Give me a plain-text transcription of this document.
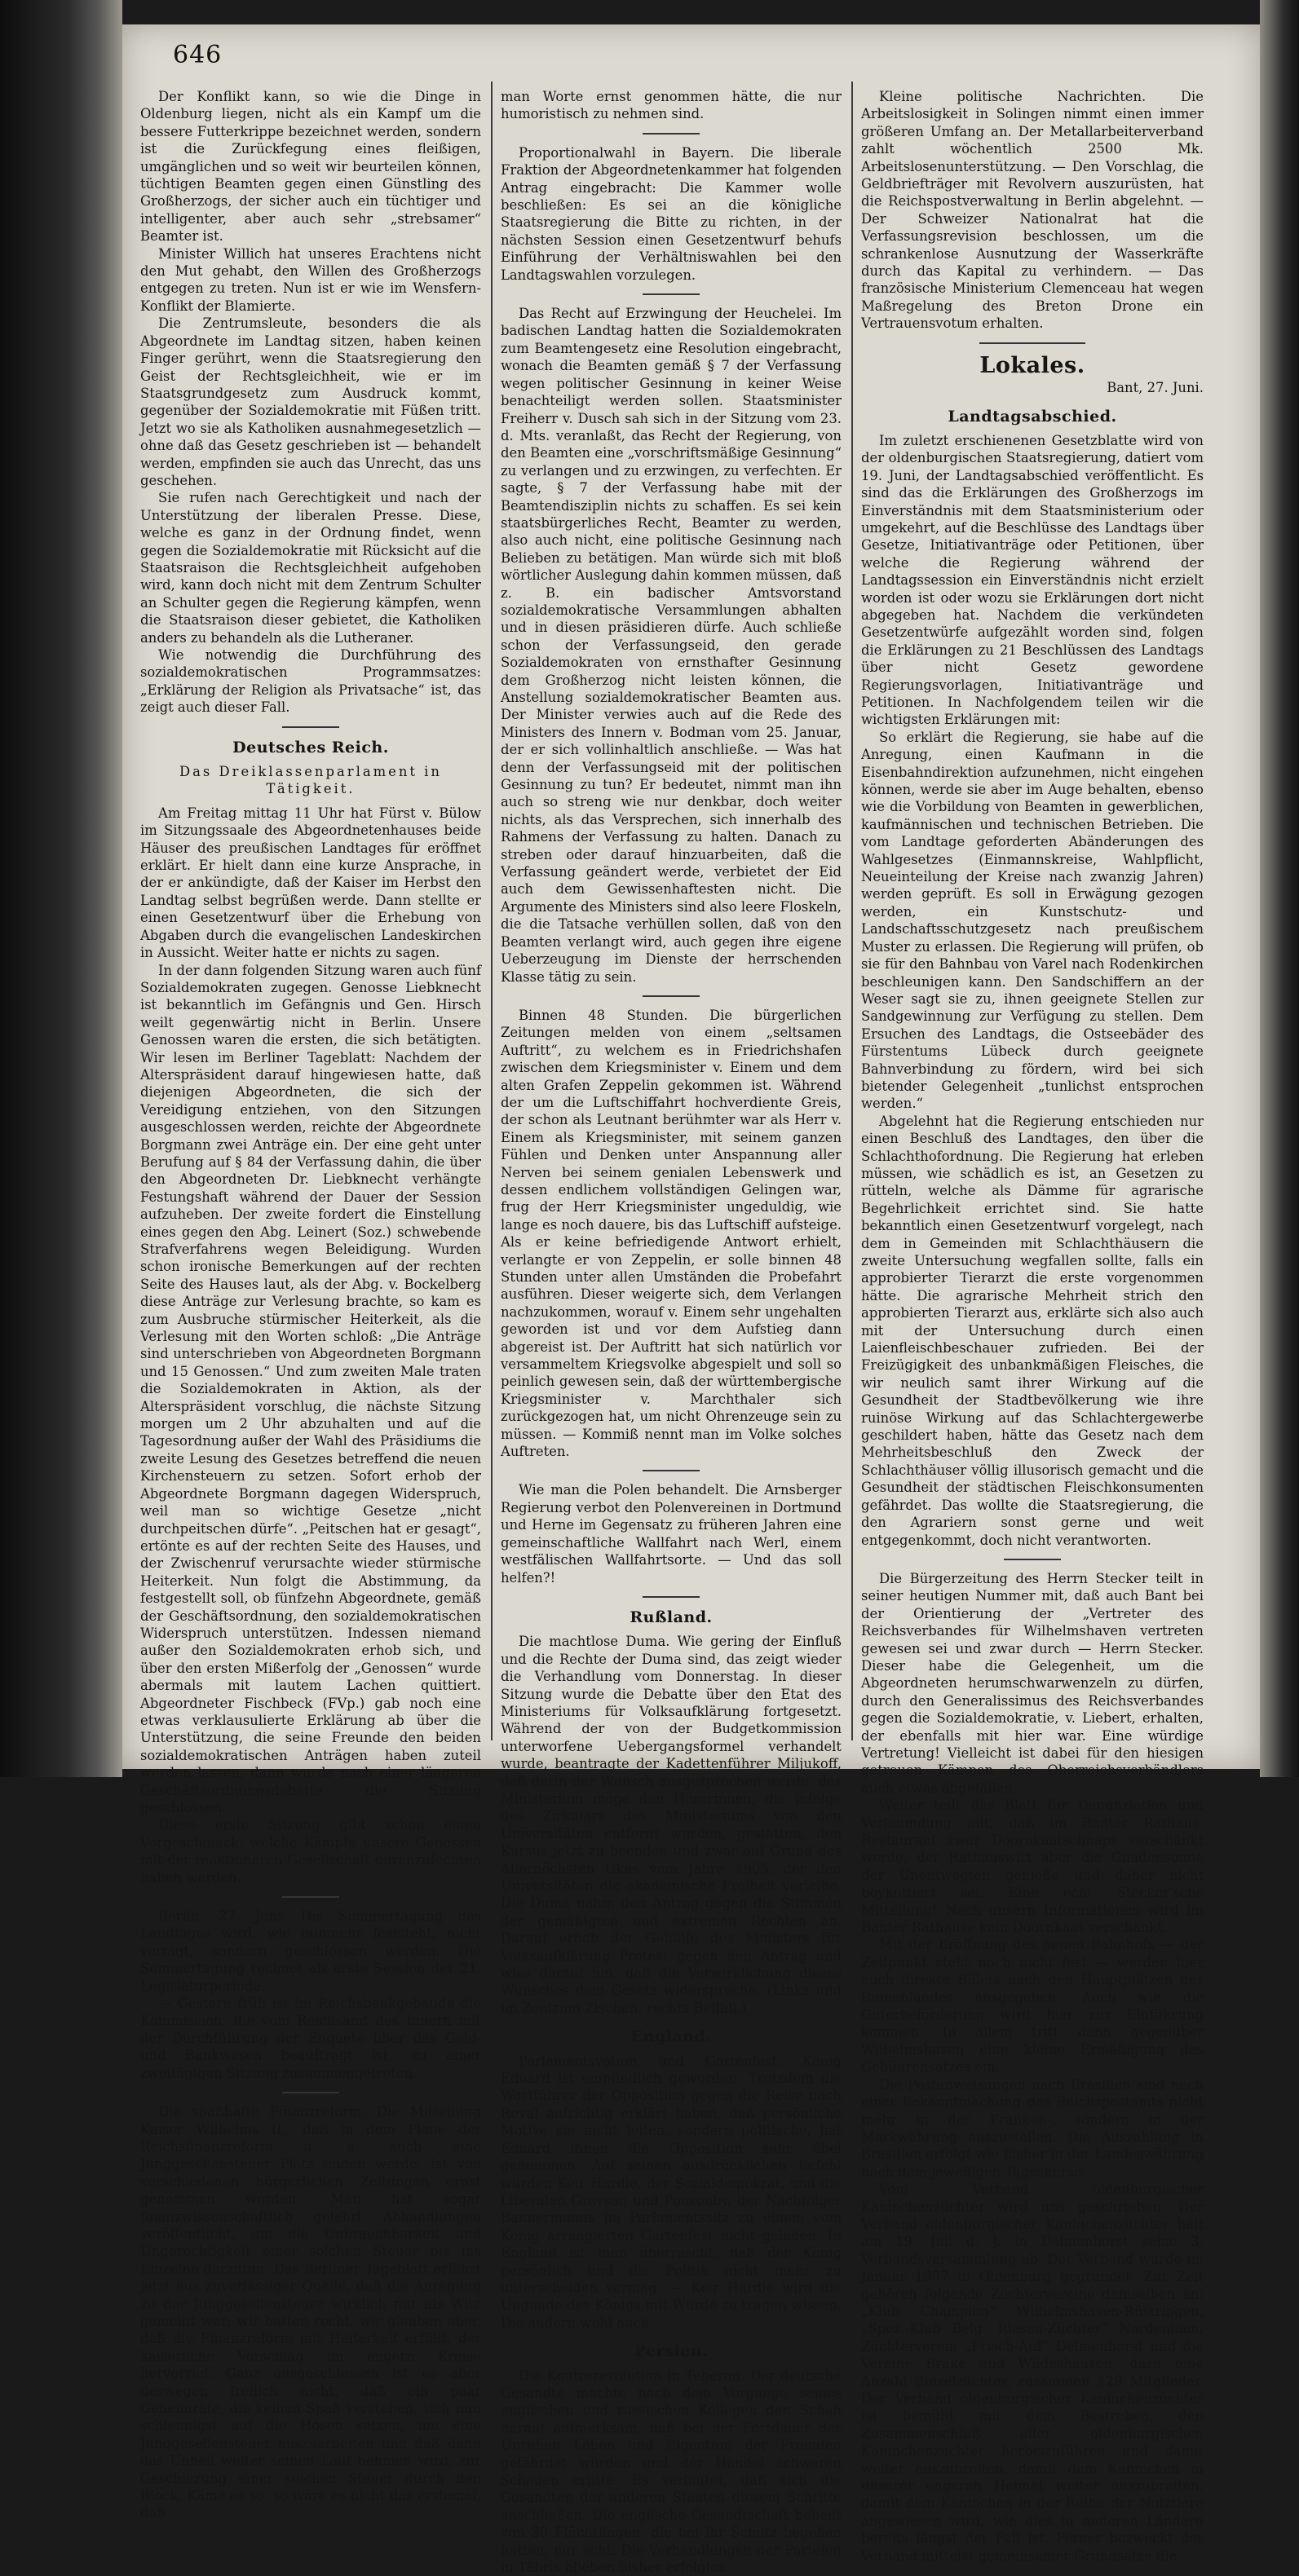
646

Der Konflikt kann, so wie die Dinge in Oldenburg liegen, nicht als ein Kampf um die bessere Futterkrippe bezeichnet werden, sondern ist die Zurückfegung eines fleißigen, umgänglichen und so weit wir beurteilen können, tüchtigen Beamten gegen einen Günstling des Großherzogs, der sicher auch ein tüchtiger und intelligenter, aber auch sehr „strebsamer“ Beamter ist.

Minister Willich hat unseres Erachtens nicht den Mut gehabt, den Willen des Großherzogs entgegen zu treten. Nun ist er wie im Wensfern-Konflikt der Blamierte.

Die Zentrumsleute, besonders die als Abgeordnete im Landtag sitzen, haben keinen Finger gerührt, wenn die Staatsregierung den Geist der Rechtsgleichheit, wie er im Staatsgrundgesetz zum Ausdruck kommt, gegenüber der Sozialdemokratie mit Füßen tritt. Jetzt wo sie als Katholiken ausnahmegesetzlich — ohne daß das Gesetz geschrieben ist — behandelt werden, empfinden sie auch das Unrecht, das uns geschehen.

Sie rufen nach Gerechtigkeit und nach der Unterstützung der liberalen Presse. Diese, welche es ganz in der Ordnung findet, wenn gegen die Sozialdemokratie mit Rücksicht auf die Staatsraison die Rechtsgleichheit aufgehoben wird, kann doch nicht mit dem Zentrum Schulter an Schulter gegen die Regierung kämpfen, wenn die Staatsraison dieser gebietet, die Katholiken anders zu behandeln als die Lutheraner.

Wie notwendig die Durchführung des sozialdemokratischen Programmsatzes: „Erklärung der Religion als Privatsache“ ist, das zeigt auch dieser Fall.

Deutsches Reich.
Das Dreiklassenparlament in Tätigkeit.

Am Freitag mittag 11 Uhr hat Fürst v. Bülow im Sitzungssaale des Abgeordnetenhauses beide Häuser des preußischen Landtages für eröffnet erklärt. Er hielt dann eine kurze Ansprache, in der er ankündigte, daß der Kaiser im Herbst den Landtag selbst begrüßen werde. Dann stellte er einen Gesetzentwurf über die Erhebung von Abgaben durch die evangelischen Landeskirchen in Aussicht. Weiter hatte er nichts zu sagen.

In der dann folgenden Sitzung waren auch fünf Sozialdemokraten zugegen. Genosse Liebknecht ist bekanntlich im Gefängnis und Gen. Hirsch weilt gegenwärtig nicht in Berlin. Unsere Genossen waren die ersten, die sich betätigten. Wir lesen im Berliner Tageblatt: Nachdem der Alterspräsident darauf hingewiesen hatte, daß diejenigen Abgeordneten, die sich der Vereidigung entziehen, von den Sitzungen ausgeschlossen werden, reichte der Abgeordnete Borgmann zwei Anträge ein. Der eine geht unter Berufung auf § 84 der Verfassung dahin, die über den Abgeordneten Dr. Liebknecht verhängte Festungshaft während der Dauer der Session aufzuheben. Der zweite fordert die Einstellung eines gegen den Abg. Leinert (Soz.) schwebende Strafverfahrens wegen Beleidigung. Wurden schon ironische Bemerkungen auf der rechten Seite des Hauses laut, als der Abg. v. Bockelberg diese Anträge zur Verlesung brachte, so kam es zum Ausbruche stürmischer Heiterkeit, als die Verlesung mit den Worten schloß: „Die Anträge sind unterschrieben von Abgeordneten Borgmann und 15 Genossen.“ Und zum zweiten Male traten die Sozialdemokraten in Aktion, als der Alterspräsident vorschlug, die nächste Sitzung morgen um 2 Uhr abzuhalten und auf die Tagesordnung außer der Wahl des Präsidiums die zweite Lesung des Gesetzes betreffend die neuen Kirchensteuern zu setzen. Sofort erhob der Abgeordnete Borgmann dagegen Widerspruch, weil man so wichtige Gesetze „nicht durchpeitschen dürfe“. „Peitschen hat er gesagt“, ertönte es auf der rechten Seite des Hauses, und der Zwischenruf verursachte wieder stürmische Heiterkeit. Nun folgt die Abstimmung, da festgestellt soll, ob fünfzehn Abgeordnete, gemäß der Geschäftsordnung, den sozialdemokratischen Widerspruch unterstützen. Indessen niemand außer den Sozialdemokraten erhob sich, und über den ersten Mißerfolg der „Genossen“ wurde abermals mit lautem Lachen quittiert. Abgeordneter Fischbeck (FVp.) gab noch eine etwas verklausulierte Erklärung ab über die Unterstützung, die seine Freunde den beiden sozialdemokratischen Anträgen haben zuteil werden lassen, dann wurde nach einer längeren Geschäftsordnungsdebatte die Sitzung geschlossen.

Diese erste Sitzung gibt schon einen Vorgeschmack, welche Kämpfe unsere Genossen mit der reaktionären Gesellschaft durchzufechten haben werden.

Berlin, 27. Juni. Die Sommertagung des Landtages wird, wie nunmehr feststeht, nicht vertagt, sondern geschlossen werden. Die Sommertagung rechnet als erste Session der 21. Legislaturperiode.

— Gestern früh ist im Reichsbankgebäude die Kommission, die vom Reichsamt des Innern mit der Durchführung der Enquete über das Geld- und Bankwesen beauftragt ist, zu einer zweitägigen Sitzung zusammengetreten.

Die spaßhafte Finanzreform. Die Mitteilung Kaiser Wilhelms II., daß in dem Plane der Reichsfinanzreform u. a. auch eine Junggesellensteuer Platz finden werde, ist von verschiedenen bürgerlichen Zeitungen ernst genommen worden. Man hat sogar finanzwissenschaftlich gelehrt Abhandlungen veröffentlicht, um die Unbrauchbarkeit und Ungerechtigkeit einer solchen Steuer bis ins Einzelne darzutun. Das Berliner Tageblatt erfährt jetzt aus zuverlässiger Quelle, daß die Anregung zu der Junggesellensteuer wirklich nur als Witz gemeint war; wir hatten recht, wir glauben aber, daß die Finanzreform mit Heiterkeit erfüllt, der kaiserliche Vorschlag im engern Kreise hervorrief. Ganz ausgeschlossen ist es aber deswegen freilich nicht, daß ein paar Geheimräte, die keinen Spaß verstehen, sich nun schleunigst auf die Hosen setzen, um eine Junggesellensteuer auszuarbeiten und daß dann das Unheil weiter seinen Lauf nehmen wird, zur Geschiezung einer solchen Steuer durch den Block. Käme es so, so wäre es nicht das erstemal, daß

man Worte ernst genommen hätte, die nur humoristisch zu nehmen sind.

Proportionalwahl in Bayern. Die liberale Fraktion der Abgeordnetenkammer hat folgenden Antrag eingebracht: Die Kammer wolle beschließen: Es sei an die königliche Staatsregierung die Bitte zu richten, in der nächsten Session einen Gesetzentwurf behufs Einführung der Verhältniswahlen bei den Landtagswahlen vorzulegen.

Das Recht auf Erzwingung der Heuchelei. Im badischen Landtag hatten die Sozialdemokraten zum Beamtengesetz eine Resolution eingebracht, wonach die Beamten gemäß § 7 der Verfassung wegen politischer Gesinnung in keiner Weise benachteiligt werden sollen. Staatsminister Freiherr v. Dusch sah sich in der Sitzung vom 23. d. Mts. veranlaßt, das Recht der Regierung, von den Beamten eine „vorschriftsmäßige Gesinnung“ zu verlangen und zu erzwingen, zu verfechten. Er sagte, § 7 der Verfassung habe mit der Beamtendisziplin nichts zu schaffen. Es sei kein staatsbürgerliches Recht, Beamter zu werden, also auch nicht, eine politische Gesinnung nach Belieben zu betätigen. Man würde sich mit bloß wörtlicher Auslegung dahin kommen müssen, daß z. B. ein badischer Amtsvorstand sozialdemokratische Versammlungen abhalten und in diesen präsidieren dürfe. Auch schließe schon der Verfassungseid, den gerade Sozialdemokraten von ernsthafter Gesinnung dem Großherzog nicht leisten können, die Anstellung sozialdemokratischer Beamten aus. Der Minister verwies auch auf die Rede des Ministers des Innern v. Bodman vom 25. Januar, der er sich vollinhaltlich anschließe. — Was hat denn der Verfassungseid mit der politischen Gesinnung zu tun? Er bedeutet, nimmt man ihn auch so streng wie nur denkbar, doch weiter nichts, als das Versprechen, sich innerhalb des Rahmens der Verfassung zu halten. Danach zu streben oder darauf hinzuarbeiten, daß die Verfassung geändert werde, verbietet der Eid auch dem Gewissenhaftesten nicht. Die Argumente des Ministers sind also leere Floskeln, die die Tatsache verhüllen sollen, daß von den Beamten verlangt wird, auch gegen ihre eigene Ueberzeugung im Dienste der herrschenden Klasse tätig zu sein.

Binnen 48 Stunden. Die bürgerlichen Zeitungen melden von einem „seltsamen Auftritt“, zu welchem es in Friedrichshafen zwischen dem Kriegsminister v. Einem und dem alten Grafen Zeppelin gekommen ist. Während der um die Luftschiffahrt hochverdiente Greis, der schon als Leutnant berühmter war als Herr v. Einem als Kriegsminister, mit seinem ganzen Fühlen und Denken unter Anspannung aller Nerven bei seinem genialen Lebenswerk und dessen endlichem vollständigen Gelingen war, frug der Herr Kriegsminister ungeduldig, wie lange es noch dauere, bis das Luftschiff aufsteige. Als er keine befriedigende Antwort erhielt, verlangte er von Zeppelin, er solle binnen 48 Stunden unter allen Umständen die Probefahrt ausführen. Dieser weigerte sich, dem Verlangen nachzukommen, worauf v. Einem sehr ungehalten geworden ist und vor dem Aufstieg dann abgereist ist. Der Auftritt hat sich natürlich vor versammeltem Kriegsvolke abgespielt und soll so peinlich gewesen sein, daß der württembergische Kriegsminister v. Marchthaler sich zurückgezogen hat, um nicht Ohrenzeuge sein zu müssen. — Kommiß nennt man im Volke solches Auftreten.

Wie man die Polen behandelt. Die Arnsberger Regierung verbot den Polenvereinen in Dortmund und Herne im Gegensatz zu früheren Jahren eine gemeinschaftliche Wallfahrt nach Werl, einem westfälischen Wallfahrtsorte. — Und das soll helfen?!

Rußland.

Die machtlose Duma. Wie gering der Einfluß und die Rechte der Duma sind, das zeigt wieder die Verhandlung vom Donnerstag. In dieser Sitzung wurde die Debatte über den Etat des Ministeriums für Volksaufklärung fortgesetzt. Während der von der Budgetkommission unterworfene Uebergangsformel verhandelt wurde, beantragte der Kadettenführer Miljukoff, daß darin der Wunsch ausgesprochen werde, das Ministerium möge den Hörerinnen, die infolge des Zirkulars des Ministeriums von den Universitäten entfernt wurden, gestatten, den Kursus jetzt zu beenden und zwar auf Grund des Allerhöchsten Ukas vom Jahre 1905, der den Universitäten die akademische Freiheit verleihe. Die Duma nahm den Antrag gegen die Stimmen der gemäßigten und extremen Rechten an. Darauf erhob der Gehülfe des Ministers für Volksaufklärung Protest gegen den Antrag und wies darauf hin, daß die Verwirklichung dieses Wunsches dem Gesetz widerspreche. (Links und im Zentrum Zischen, rechts Beifall.)

England.

Parlamentsvotum und Gartenfest. König Eduard ist empfindlich geworden. Trotzdem die Wortführer der Opposition gegen die Reise nach Reval aufrichtig erklärt haben, daß persönliche Motive sie nicht leiten, sondern politische, hat Eduard ihnen die Opposition sehr übel genommen. Auf seinen ausdrücklichen Befehl wurden Keir Hardie, der Sozialdemokrat, und die Liberalen Grayson und Ponsonby, der Nachfolger Bannermanns im Parlamentssitz zu einem vom König arrangierten Gartenfest nicht geladen. In England ist man überrascht, daß der König persönlich und die Politik nicht mehr zu unterscheiden vermag. — Keir Hardie wird die Ungnade des Königs mit Würde zu tragen wissen. Die andern wohl auch.

Persien.

Die Kontrerevolution in Teheran. Der deutsche Gesandte machte nach dem Vorgange seines englischen und russischen Kollegen den Schah darauf aufmerksam, daß bei der Fortdauer der Unruhen Leben und Eigentum der Fremden gefährdet würden und der Handel schweren Schaden erlitte. Es verlautet, daß sich die Gesandten der anderen Staaten diesem Schritte anschließen. Die englische Gesandtschaft beheilt von 30 Flüchtlingen, die bei ihr Schutz begehen hatten, nur acht. Die Verhandlungen der Parteien in Täbris blieben bisher erfolglos.

Kleine politische Nachrichten. Die Arbeitslosigkeit in Solingen nimmt einen immer größeren Umfang an. Der Metallarbeiterverband zahlt wöchentlich 2500 Mk. Arbeitslosenunterstützung. — Den Vorschlag, die Geldbriefträger mit Revolvern auszurüsten, hat die Reichspostverwaltung in Berlin abgelehnt. — Der Schweizer Nationalrat hat die Verfassungsrevision beschlossen, um die schrankenlose Ausnutzung der Wasserkräfte durch das Kapital zu verhindern. — Das französische Ministerium Clemenceau hat wegen Maßregelung des Breton Drone ein Vertrauensvotum erhalten.

Lokales.
Bant, 27. Juni.
Landtagsabschied.

Im zuletzt erschienenen Gesetzblatte wird von der oldenburgischen Staatsregierung, datiert vom 19. Juni, der Landtagsabschied veröffentlicht. Es sind das die Erklärungen des Großherzogs im Einverständnis mit dem Staatsministerium oder umgekehrt, auf die Beschlüsse des Landtags über Gesetze, Initiativanträge oder Petitionen, über welche die Regierung während der Landtagssession ein Einverständnis nicht erzielt worden ist oder wozu sie Erklärungen dort nicht abgegeben hat. Nachdem die verkündeten Gesetzentwürfe aufgezählt worden sind, folgen die Erklärungen zu 21 Beschlüssen des Landtags über nicht Gesetz gewordene Regierungsvorlagen, Initiativanträge und Petitionen. In Nachfolgendem teilen wir die wichtigsten Erklärungen mit:

So erklärt die Regierung, sie habe auf die Anregung, einen Kaufmann in die Eisenbahndirektion aufzunehmen, nicht eingehen können, werde sie aber im Auge behalten, ebenso wie die Vorbildung von Beamten in gewerblichen, kaufmännischen und technischen Betrieben. Die vom Landtage geforderten Abänderungen des Wahlgesetzes (Einmannskreise, Wahlpflicht, Neueinteilung der Kreise nach zwanzig Jahren) werden geprüft. Es soll in Erwägung gezogen werden, ein Kunstschutz- und Landschaftsschutzgesetz nach preußischem Muster zu erlassen. Die Regierung will prüfen, ob sie für den Bahnbau von Varel nach Rodenkirchen beschleunigen kann. Den Sandschiffern an der Weser sagt sie zu, ihnen geeignete Stellen zur Sandgewinnung zur Verfügung zu stellen. Dem Ersuchen des Landtags, die Ostseebäder des Fürstentums Lübeck durch geeignete Bahnverbindung zu fördern, wird bei sich bietender Gelegenheit „tunlichst entsprochen werden.“

Abgelehnt hat die Regierung entschieden nur einen Beschluß des Landtages, den über die Schlachthofordnung. Die Regierung hat erleben müssen, wie schädlich es ist, an Gesetzen zu rütteln, welche als Dämme für agrarische Begehrlichkeit errichtet sind. Sie hatte bekanntlich einen Gesetzentwurf vorgelegt, nach dem in Gemeinden mit Schlachthäusern die zweite Untersuchung wegfallen sollte, falls ein approbierter Tierarzt die erste vorgenommen hätte. Die agrarische Mehrheit strich den approbierten Tierarzt aus, erklärte sich also auch mit der Untersuchung durch einen Laienfleischbeschauer zufrieden. Bei der Freizügigkeit des unbankmäßigen Fleisches, die wir neulich samt ihrer Wirkung auf die Gesundheit der Stadtbevölkerung wie ihre ruinöse Wirkung auf das Schlachtergewerbe geschildert haben, hätte das Gesetz nach dem Mehrheitsbeschluß den Zweck der Schlachthäuser völlig illusorisch gemacht und die Gesundheit der städtischen Fleischkonsumenten gefährdet. Das wollte die Staatsregierung, die den Agrariern sonst gerne und weit entgegenkommt, doch nicht verantworten.

Die Bürgerzeitung des Herrn Stecker teilt in seiner heutigen Nummer mit, daß auch Bant bei der Orientierung der „Vertreter des Reichsverbandes für Wilhelmshaven vertreten gewesen sei und zwar durch — Herrn Stecker. Dieser habe die Gelegenheit, um die Abgeordneten herumschwarwenzeln zu dürfen, durch den Generalissimus des Reichsverbandes gegen die Sozialdemokratie, v. Liebert, erhalten, der ebenfalls mit hier war. Eine würdige Vertretung! Vielleicht ist dabei für den hiesigen getreuen Kämpen des Oberreichsverbändlers auch etwas abgefallen.

Weiter teilt das Blatt für Denunziation und Verleumdung mit, daß im Banter Rathaus-Restaurant zwar Doornkaatschnaps verschänkt werde, der Rathauswirt aber die Gnadensonne der Unentwegten genieße und daher nicht boykottiert sei. Eine echt Stecker'sche Mitteilung! Nach unsern Informationen wird im Banter Rathause kein Doornkaat verschänkt.

Mit der Eröffnung des neuen Bahnhofs — der Zeitpunkt steht noch nicht fest — werden hier auch direkte Billets nach den Hauptplätzen des Binnenlandes ausgegeben. Auch wie die Güterbeförderung wird hier zur Einführung kommen. In allem tritt dann gegenüber Wilhelmshaven eine kleine Ermäßigung des Gebührensatzes ein.

Die Postanweisungen nach Brasilien sind nach einer Bekanntmachung des Reichspostamts nicht mehr in der Franken-, sondern in der Markwährung auszustellen. Die Auszahlung in Brasilien erfolgt wie bisher in der Landeswährung nach dem jeweiligen Tageskurse.

Vom Verband oldenburgischer Kaninchenzüchter wird uns geschrieben: Der Verband oldenburgischer Kaninchenzüchter hält am 19. Juli d. J. in Delmenhorst seine 3. Verbandsversammlung ab. Der Verband wurde im Januar 1907 in Oldenburg gegründet. Zur Zeit gehören folgende Züchtervereine demselben an: „Klub Champion“ Wilhelmshaven-Rüstringen, „Spez.-Klub Belg. Riesen-Züchter“ Nordenham, Züchterverein „Frisch-Auf“ Delmenhorst und die Vereine Brake und Wildeshausen, dazu eine Anzahl Einzelzüchter, zusammen 128 Mitglieder. Der Verband oldenburgischer Kaninchenzüchter ist bemüht mit dem Bestreben, den Zusammenschluß aller oldenburgischen Kaninchenzüchter herbeizuführen und damit weiter auszubreiten, damit dem Kaninchen in unserer engeren Heimat weiter auszubreiten, damit dem Kaninchen in der Reihe der Nutztiere angewiesen wird, wie dies in anderen Ländern bereits längst der Fall ist. Ferner bezweckt der Verband mittelst gemeinsamer Grundsätze die
